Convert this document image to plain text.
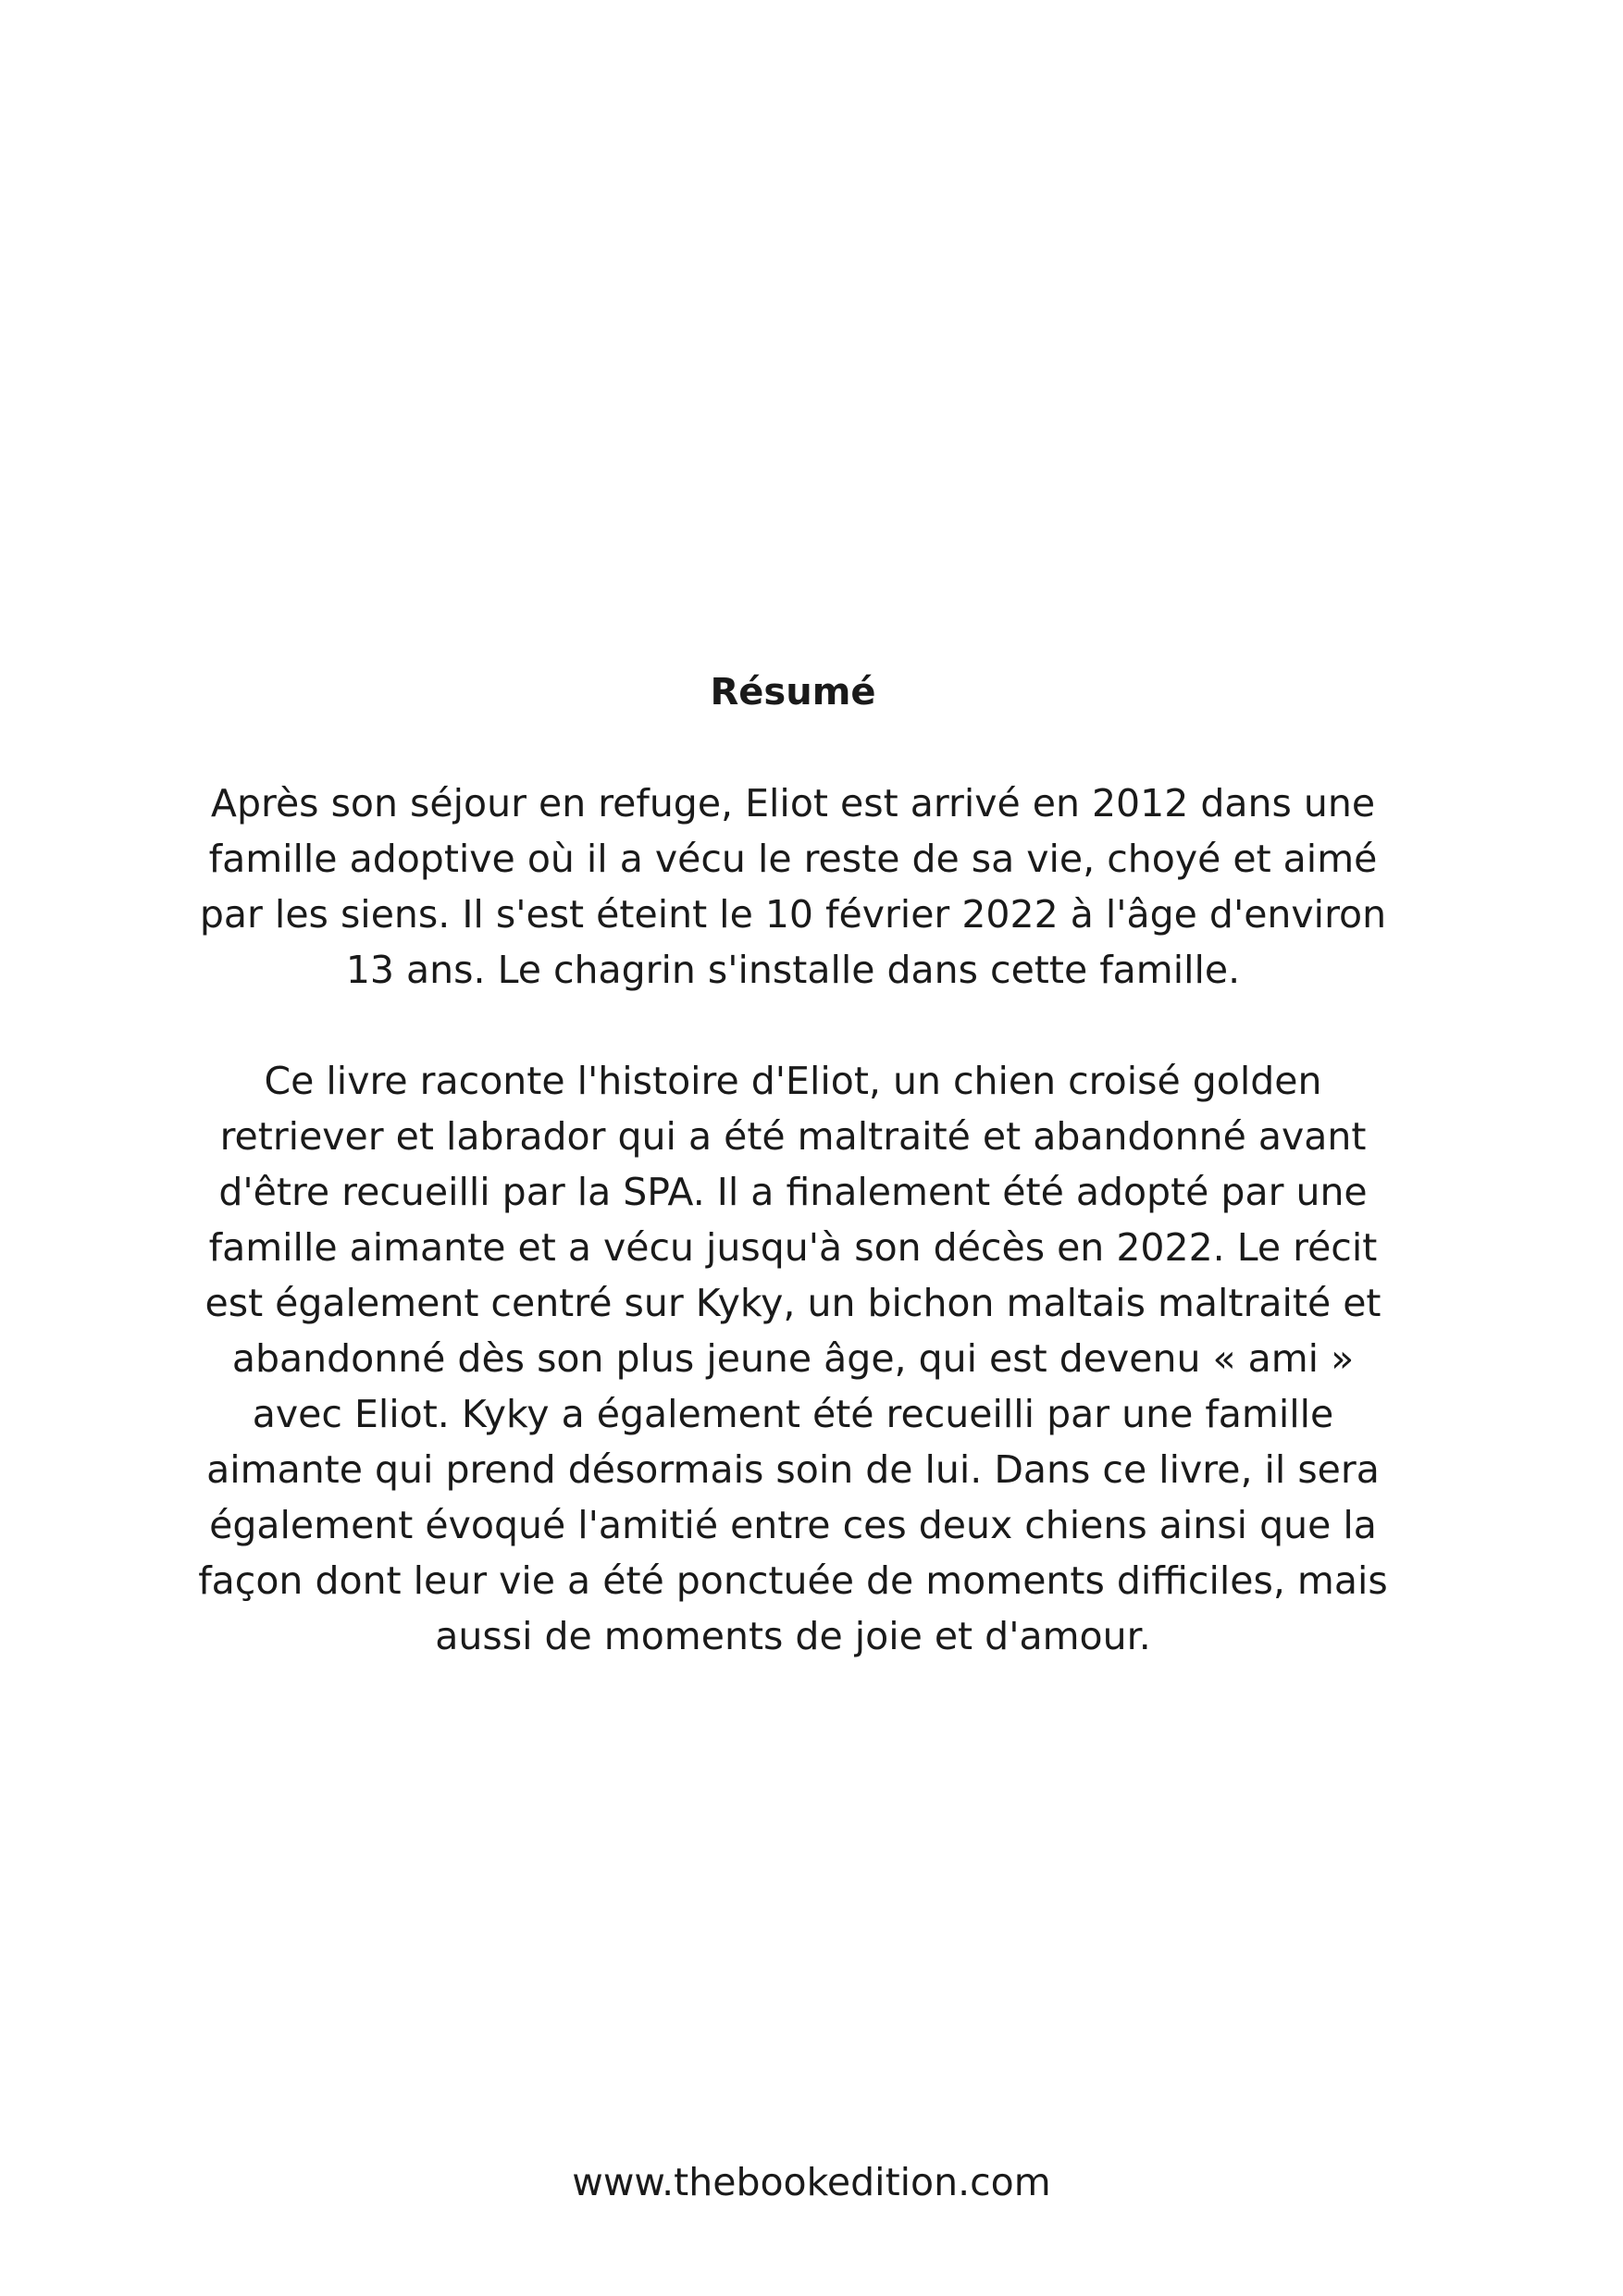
Résumé
Après son séjour en refuge, Eliot est arrivé en 2012 dans une
famille adoptive où il a vécu le reste de sa vie, choyé et aimé
par les siens. Il s'est éteint le 10 février 2022 à l'âge d'environ
13 ans. Le chagrin s'installe dans cette famille.
Ce livre raconte l'histoire d'Eliot, un chien croisé golden
retriever et labrador qui a été maltraité et abandonné avant
d'être recueilli par la SPA. Il a finalement été adopté par une
famille aimante et a vécu jusqu'à son décès en 2022. Le récit
est également centré sur Kyky, un bichon maltais maltraité et
abandonné dès son plus jeune âge, qui est devenu « ami »
avec Eliot. Kyky a également été recueilli par une famille
aimante qui prend désormais soin de lui. Dans ce livre, il sera
également évoqué l'amitié entre ces deux chiens ainsi que la
façon dont leur vie a été ponctuée de moments difficiles, mais
aussi de moments de joie et d'amour.
www.thebookedition.com
